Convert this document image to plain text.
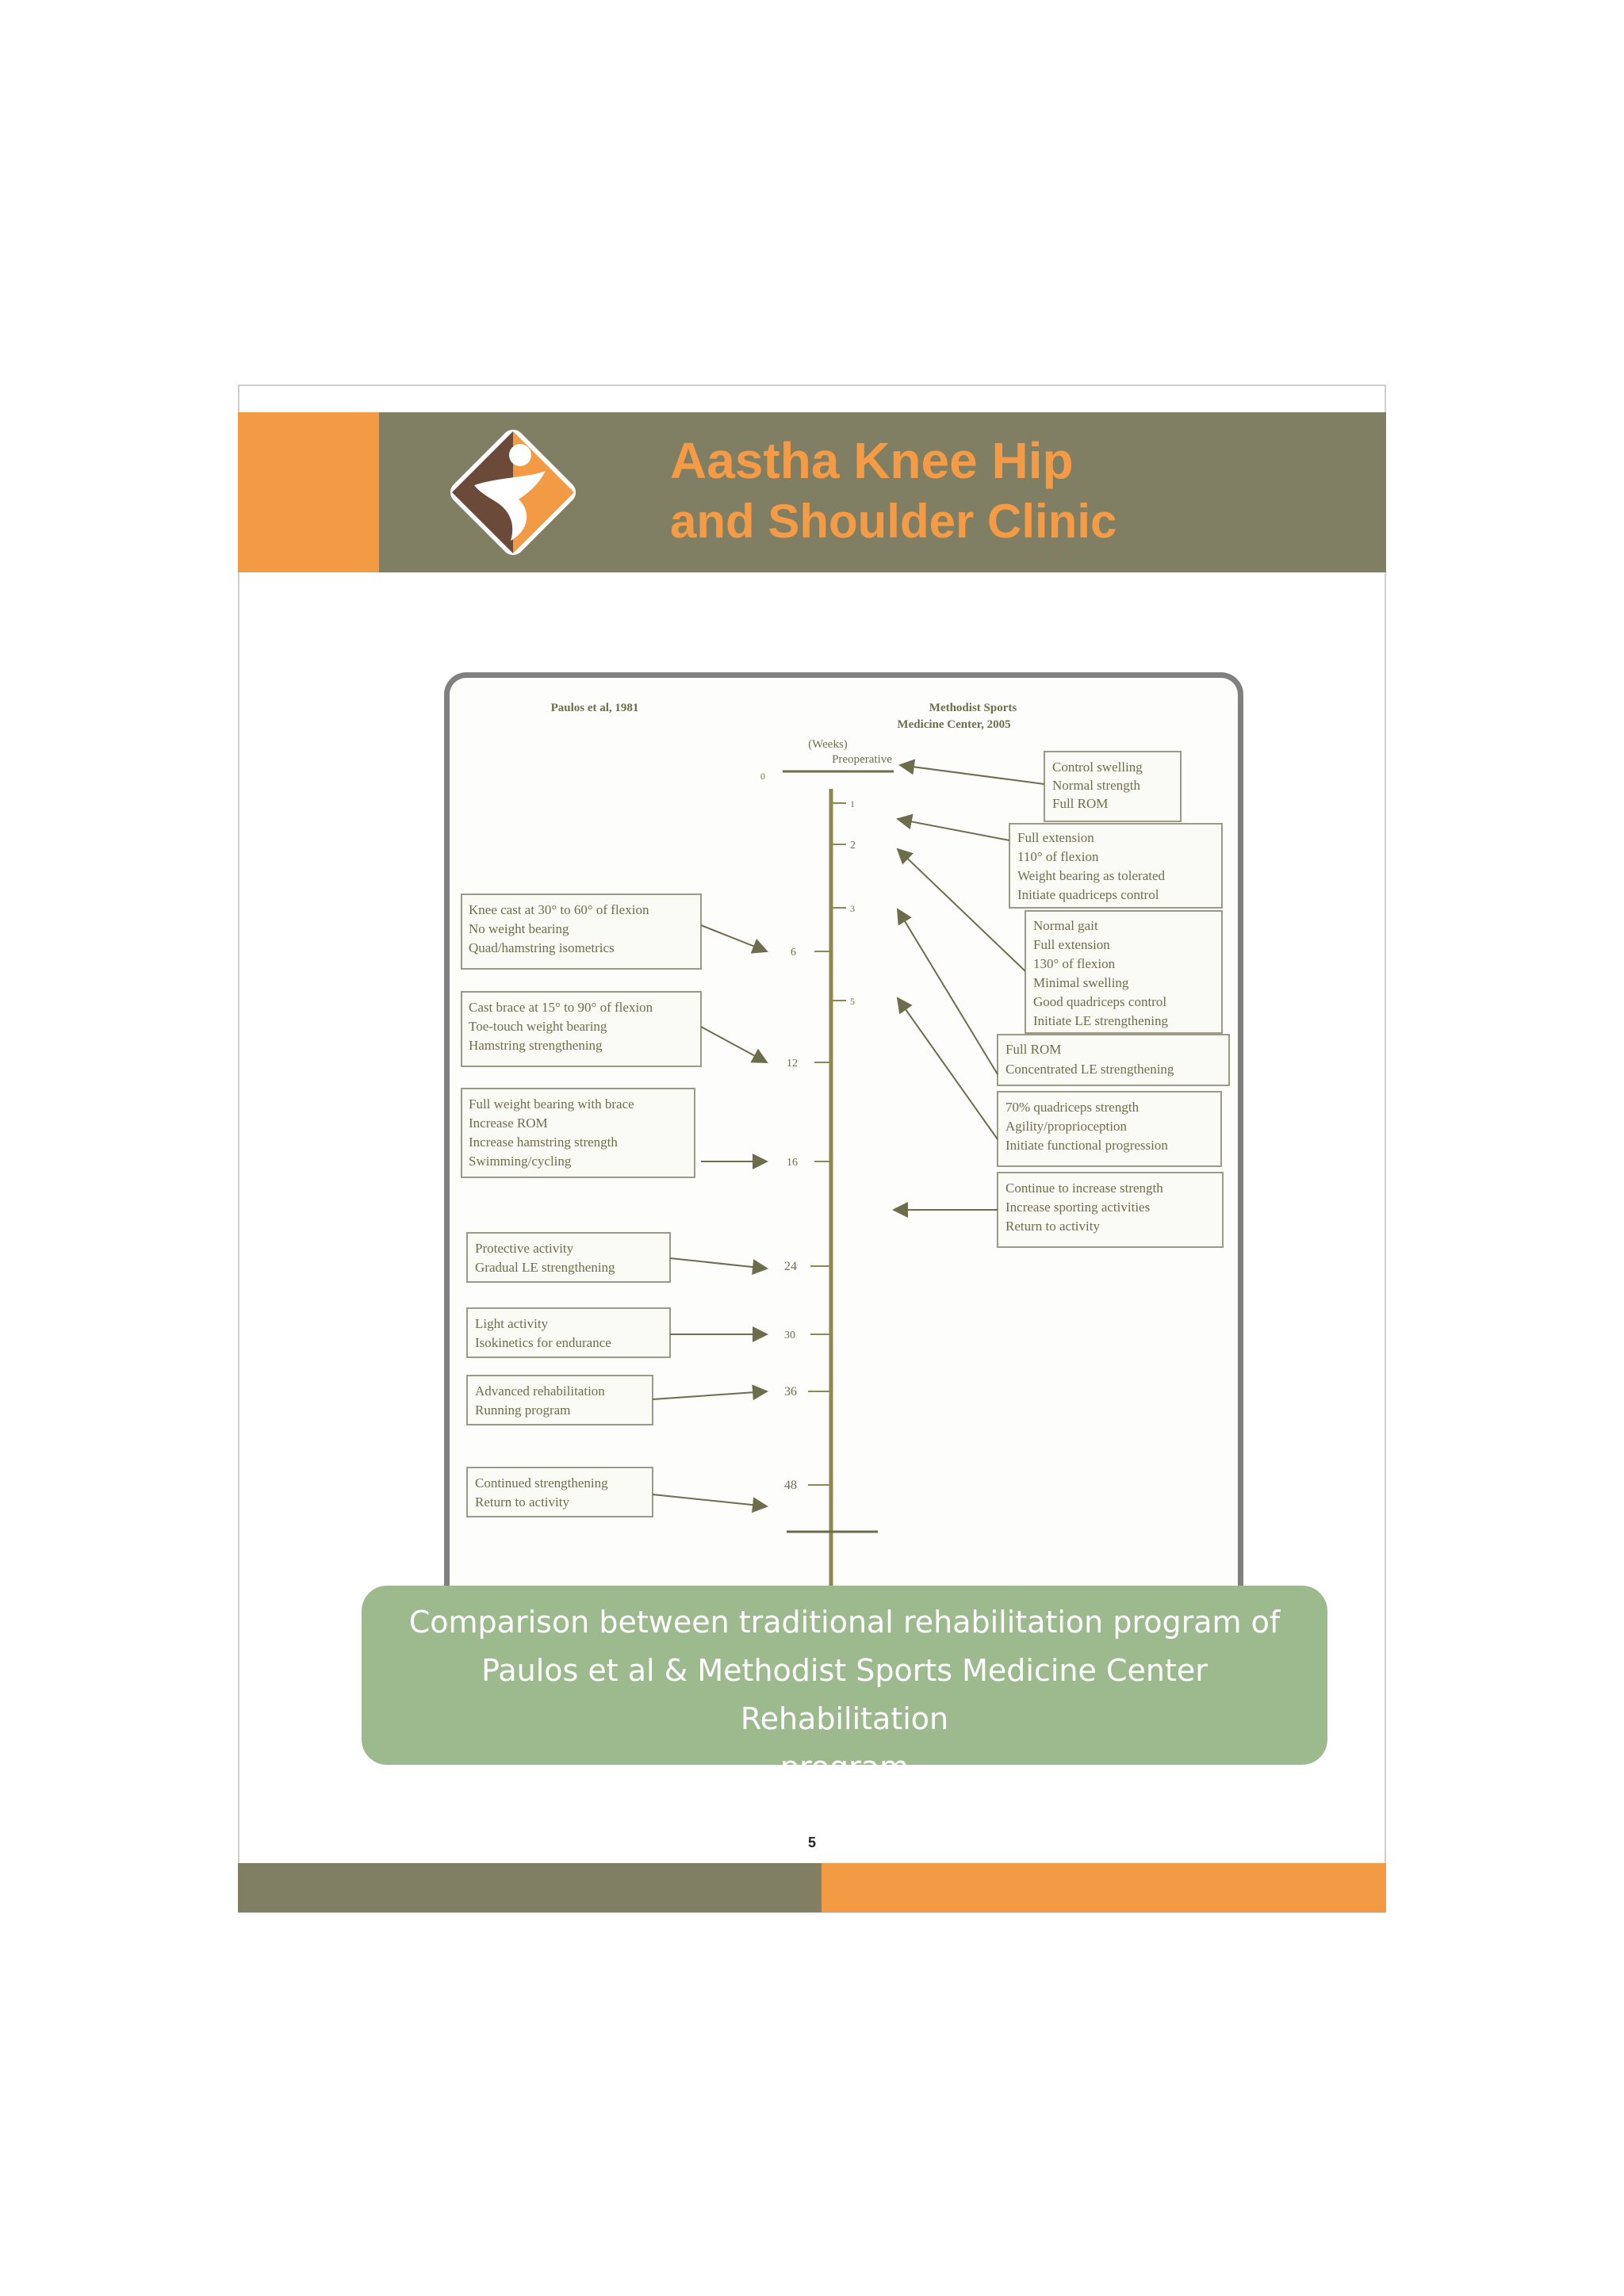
Aastha Knee Hip
and Shoulder Clinic
Paulos et al, 1981	Methodist Sports
Medicine Center, 2005
(Weeks)
Preoperative
0
1
2
3
5
6
12
16
24
30
36
48
Knee cast at 30° to 60° of flexion
No weight bearing
Quad/hamstring isometrics
Cast brace at 15° to 90° of flexion
Toe-touch weight bearing
Hamstring strengthening
Full weight bearing with brace
Increase ROM
Increase hamstring strength
Swimming/cycling
Protective activity
Gradual LE strengthening
Light activity
Isokinetics for endurance
Advanced rehabilitation
Running program
Continued strengthening
Return to activity
Control swelling
Normal strength
Full ROM
Full extension
110° of flexion
Weight bearing as tolerated
Initiate quadriceps control
Normal gait
Full extension
130° of flexion
Minimal swelling
Good quadriceps control
Initiate LE strengthening
Full ROM
Concentrated LE strengthening
70% quadriceps strength
Agility/proprioception
Initiate functional progression
Continue to increase strength
Increase sporting activities
Return to activity
Comparison between traditional rehabilitation program of
Paulos et al & Methodist Sports Medicine Center Rehabilitation
program
5
